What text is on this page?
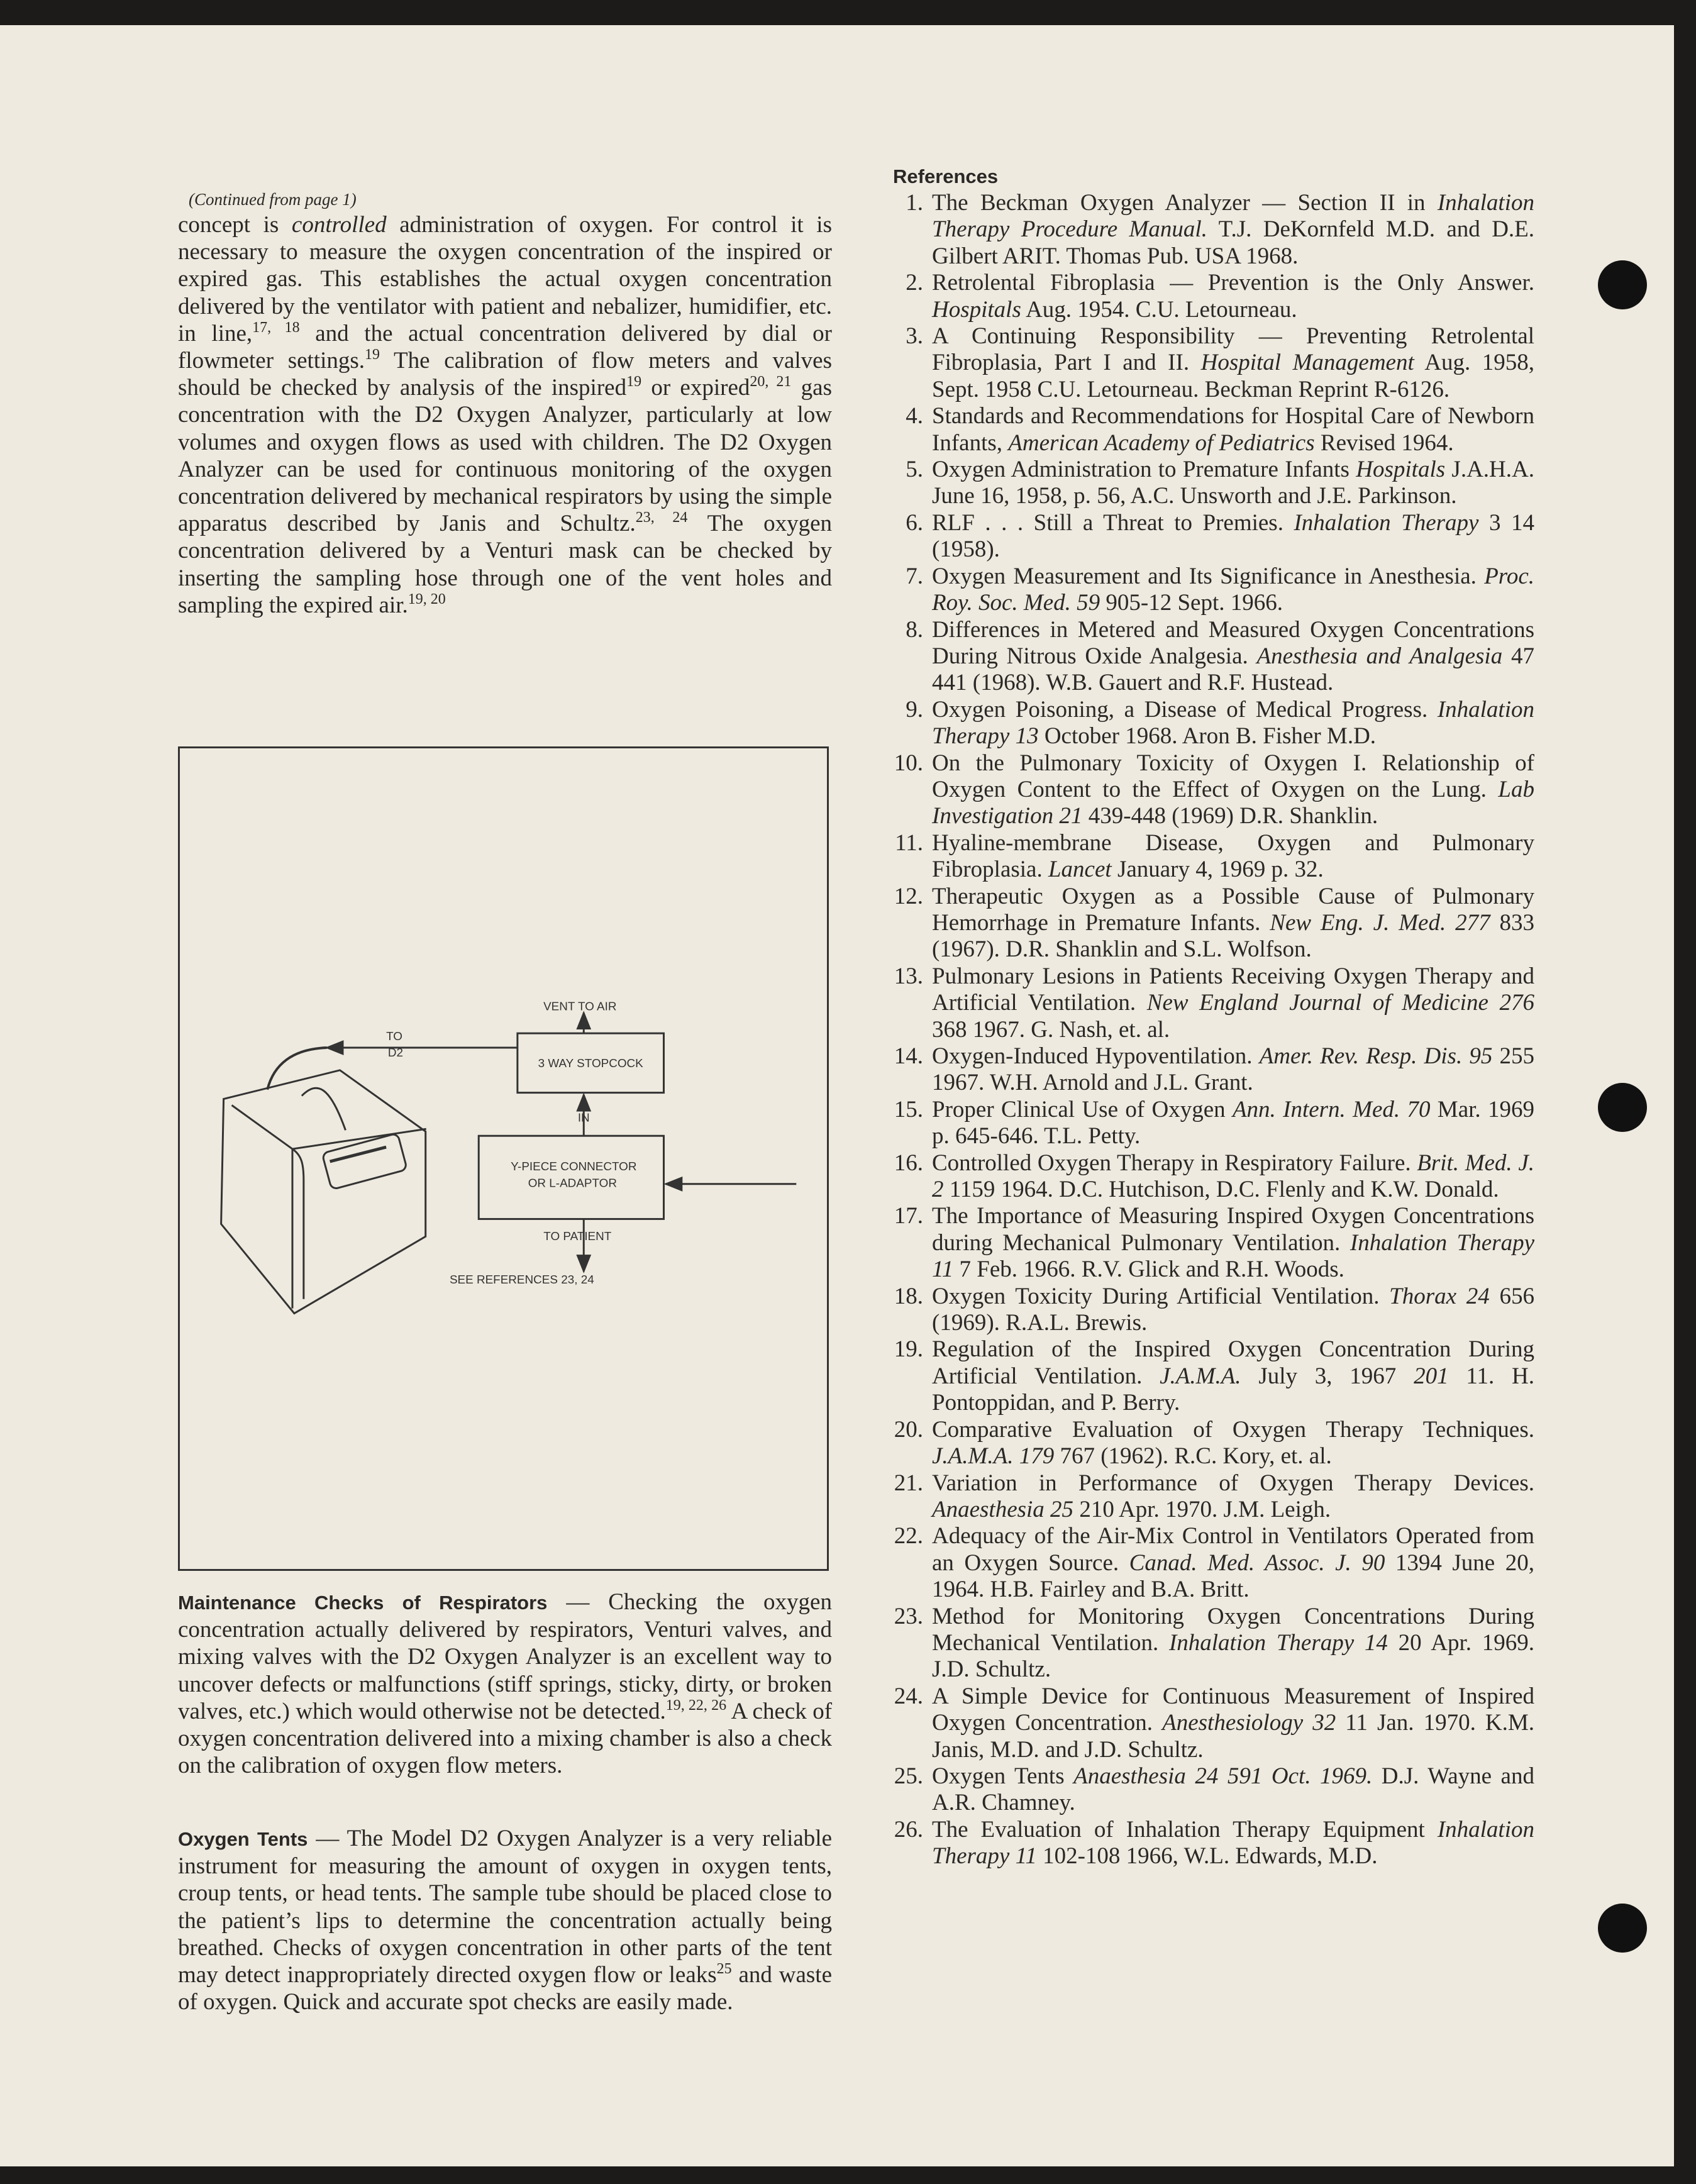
(Continued from page 1)
concept is controlled administration of oxygen. For control it is necessary to measure the oxygen concentration of the inspired or expired gas. This establishes the actual oxygen concentration delivered by the ventilator with patient and nebalizer, humidifier, etc. in line,$^{17, 18}$ and the actual concentration delivered by dial or flowmeter settings.$^{19}$ The calibration of flow meters and valves should be checked by analysis of the inspired$^{19}$ or expired$^{20, 21}$ gas concentration with the D2 Oxygen Analyzer, particularly at low volumes and oxygen flows as used with children. The D2 Oxygen Analyzer can be used for continuous monitoring of the oxygen concentration delivered by mechanical respirators by using the simple apparatus described by Janis and Schultz.$^{23, 24}$ The oxygen concentration delivered by a Venturi mask can be checked by inserting the sampling hose through one of the vent holes and sampling the expired air.$^{19, 20}$
VENT TO AIR
TO
D2
3 WAY STOPCOCK
IN
Y-PIECE CONNECTOR
OR L-ADAPTOR
TO PATIENT
SEE REFERENCES 23, 24
Maintenance Checks of Respirators — Checking the oxygen concentration actually delivered by respirators, Venturi valves, and mixing valves with the D2 Oxygen Analyzer is an excellent way to uncover defects or malfunctions (stiff springs, sticky, dirty, or broken valves, etc.) which would otherwise not be detected.$^{19, 22, 26}$ A check of oxygen concentration delivered into a mixing chamber is also a check on the calibration of oxygen flow meters.
Oxygen Tents — The Model D2 Oxygen Analyzer is a very reliable instrument for measuring the amount of oxygen in oxygen tents, croup tents, or head tents. The sample tube should be placed close to the patient’s lips to determine the concentration actually being breathed. Checks of oxygen concentration in other parts of the tent may detect inappropriately directed oxygen flow or leaks$^{25}$ and waste of oxygen. Quick and accurate spot checks are easily made.
References
1. The Beckman Oxygen Analyzer — Section II in Inhalation Therapy Procedure Manual. T.J. DeKornfeld M.D. and D.E. Gilbert ARIT. Thomas Pub. USA 1968.
2. Retrolental Fibroplasia — Prevention is the Only Answer. Hospitals Aug. 1954. C.U. Letourneau.
3. A Continuing Responsibility — Preventing Retrolental Fibroplasia, Part I and II. Hospital Management Aug. 1958, Sept. 1958 C.U. Letourneau. Beckman Reprint R-6126.
4. Standards and Recommendations for Hospital Care of Newborn Infants, American Academy of Pediatrics Revised 1964.
5. Oxygen Administration to Premature Infants Hospitals J.A.H.A. June 16, 1958, p. 56, A.C. Unsworth and J.E. Parkinson.
6. RLF . . . Still a Threat to Premies. Inhalation Therapy 3 14 (1958).
7. Oxygen Measurement and Its Significance in Anesthesia. Proc. Roy. Soc. Med. 59 905-12 Sept. 1966.
8. Differences in Metered and Measured Oxygen Concentrations During Nitrous Oxide Analgesia. Anesthesia and Analgesia 47 441 (1968). W.B. Gauert and R.F. Hustead.
9. Oxygen Poisoning, a Disease of Medical Progress. Inhalation Therapy 13 October 1968. Aron B. Fisher M.D.
10. On the Pulmonary Toxicity of Oxygen I. Relationship of Oxygen Content to the Effect of Oxygen on the Lung. Lab Investigation 21 439-448 (1969) D.R. Shanklin.
11. Hyaline-membrane Disease, Oxygen and Pulmonary Fibroplasia. Lancet January 4, 1969 p. 32.
12. Therapeutic Oxygen as a Possible Cause of Pulmonary Hemorrhage in Premature Infants. New Eng. J. Med. 277 833 (1967). D.R. Shanklin and S.L. Wolfson.
13. Pulmonary Lesions in Patients Receiving Oxygen Therapy and Artificial Ventilation. New England Journal of Medicine 276 368 1967. G. Nash, et. al.
14. Oxygen-Induced Hypoventilation. Amer. Rev. Resp. Dis. 95 255 1967. W.H. Arnold and J.L. Grant.
15. Proper Clinical Use of Oxygen Ann. Intern. Med. 70 Mar. 1969 p. 645-646. T.L. Petty.
16. Controlled Oxygen Therapy in Respiratory Failure. Brit. Med. J. 2 1159 1964. D.C. Hutchison, D.C. Flenly and K.W. Donald.
17. The Importance of Measuring Inspired Oxygen Concentrations during Mechanical Pulmonary Ventilation. Inhalation Therapy 11 7 Feb. 1966. R.V. Glick and R.H. Woods.
18. Oxygen Toxicity During Artificial Ventilation. Thorax 24 656 (1969). R.A.L. Brewis.
19. Regulation of the Inspired Oxygen Concentration During Artificial Ventilation. J.A.M.A. July 3, 1967 201 11. H. Pontoppidan, and P. Berry.
20. Comparative Evaluation of Oxygen Therapy Techniques. J.A.M.A. 179 767 (1962). R.C. Kory, et. al.
21. Variation in Performance of Oxygen Therapy Devices. Anaesthesia 25 210 Apr. 1970. J.M. Leigh.
22. Adequacy of the Air-Mix Control in Ventilators Operated from an Oxygen Source. Canad. Med. Assoc. J. 90 1394 June 20, 1964. H.B. Fairley and B.A. Britt.
23. Method for Monitoring Oxygen Concentrations During Mechanical Ventilation. Inhalation Therapy 14 20 Apr. 1969. J.D. Schultz.
24. A Simple Device for Continuous Measurement of Inspired Oxygen Concentration. Anesthesiology 32 11 Jan. 1970. K.M. Janis, M.D. and J.D. Schultz.
25. Oxygen Tents Anaesthesia 24 591 Oct. 1969. D.J. Wayne and A.R. Chamney.
26. The Evaluation of Inhalation Therapy Equipment Inhalation Therapy 11 102-108 1966, W.L. Edwards, M.D.
